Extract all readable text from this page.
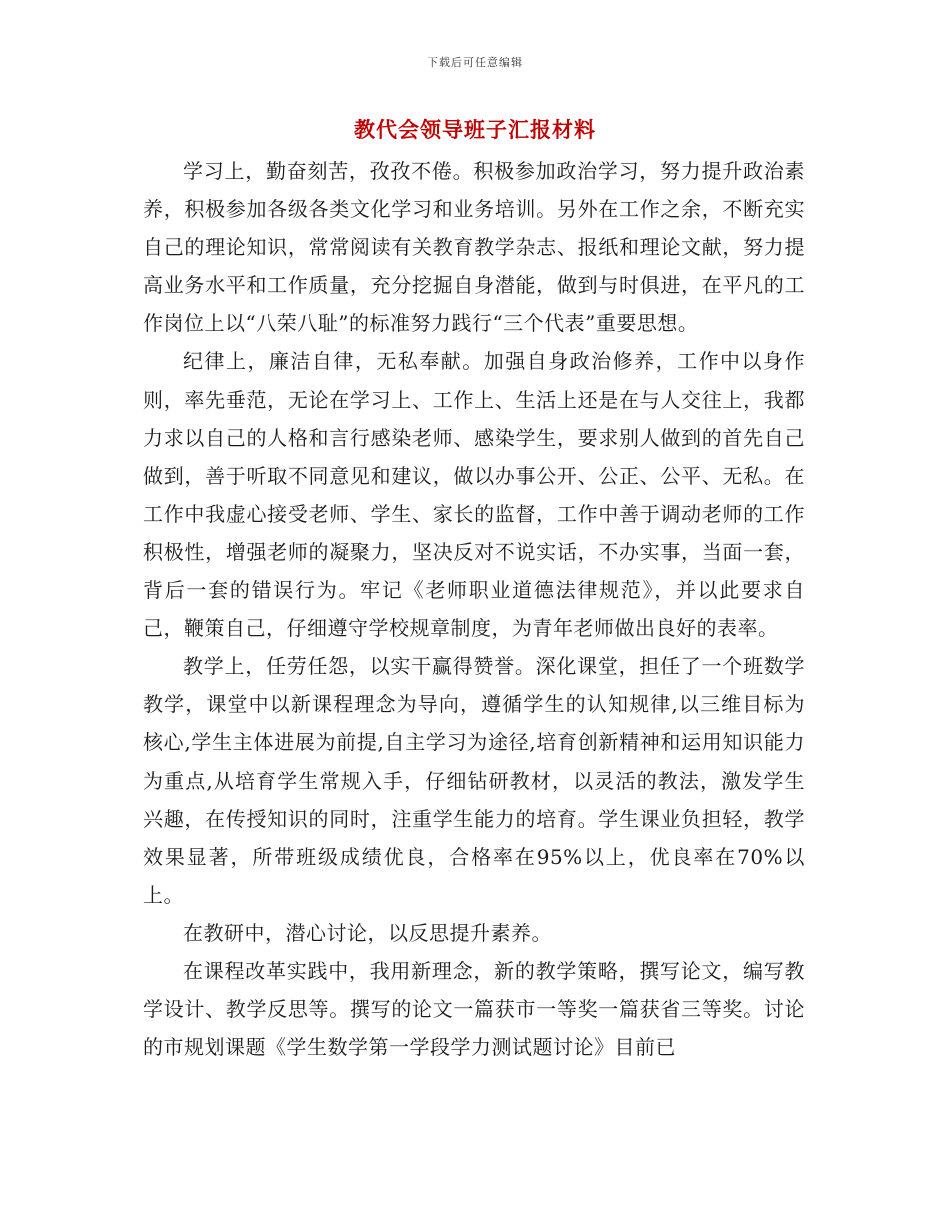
下载后可任意编辑
教代会领导班子汇报材料

学习上，勤奋刻苦，孜孜不倦。积极参加政治学习，努力提升政治素养，积极参加各级各类文化学习和业务培训。另外在工作之余，不断充实自己的理论知识，常常阅读有关教育教学杂志、报纸和理论文献，努力提高业务水平和工作质量，充分挖掘自身潜能，做到与时俱进，在平凡的工作岗位上以“八荣八耻”的标准努力践行“三个代表”重要思想。

纪律上，廉洁自律，无私奉献。加强自身政治修养，工作中以身作则，率先垂范，无论在学习上、工作上、生活上还是在与人交往上，我都力求以自己的人格和言行感染老师、感染学生，要求别人做到的首先自己做到，善于听取不同意见和建议，做以办事公开、公正、公平、无私。在工作中我虚心接受老师、学生、家长的监督，工作中善于调动老师的工作积极性，增强老师的凝聚力，坚决反对不说实话，不办实事，当面一套，背后一套的错误行为。牢记《老师职业道德法律规范》，并以此要求自己，鞭策自己，仔细遵守学校规章制度，为青年老师做出良好的表率。

教学上，任劳任怨，以实干赢得赞誉。深化课堂，担任了一个班数学教学，课堂中以新课程理念为导向，遵循学生的认知规律,以三维目标为核心,学生主体进展为前提,自主学习为途径,培育创新精神和运用知识能力为重点,从培育学生常规入手，仔细钻研教材，以灵活的教法，激发学生兴趣，在传授知识的同时，注重学生能力的培育。学生课业负担轻，教学效果显著，所带班级成绩优良，合格率在95%以上，优良率在70%以上。

在教研中，潜心讨论，以反思提升素养。

在课程改革实践中，我用新理念，新的教学策略，撰写论文，编写教学设计、教学反思等。撰写的论文一篇获市一等奖一篇获省三等奖。讨论的市规划课题《学生数学第一学段学力测试题讨论》目前已
